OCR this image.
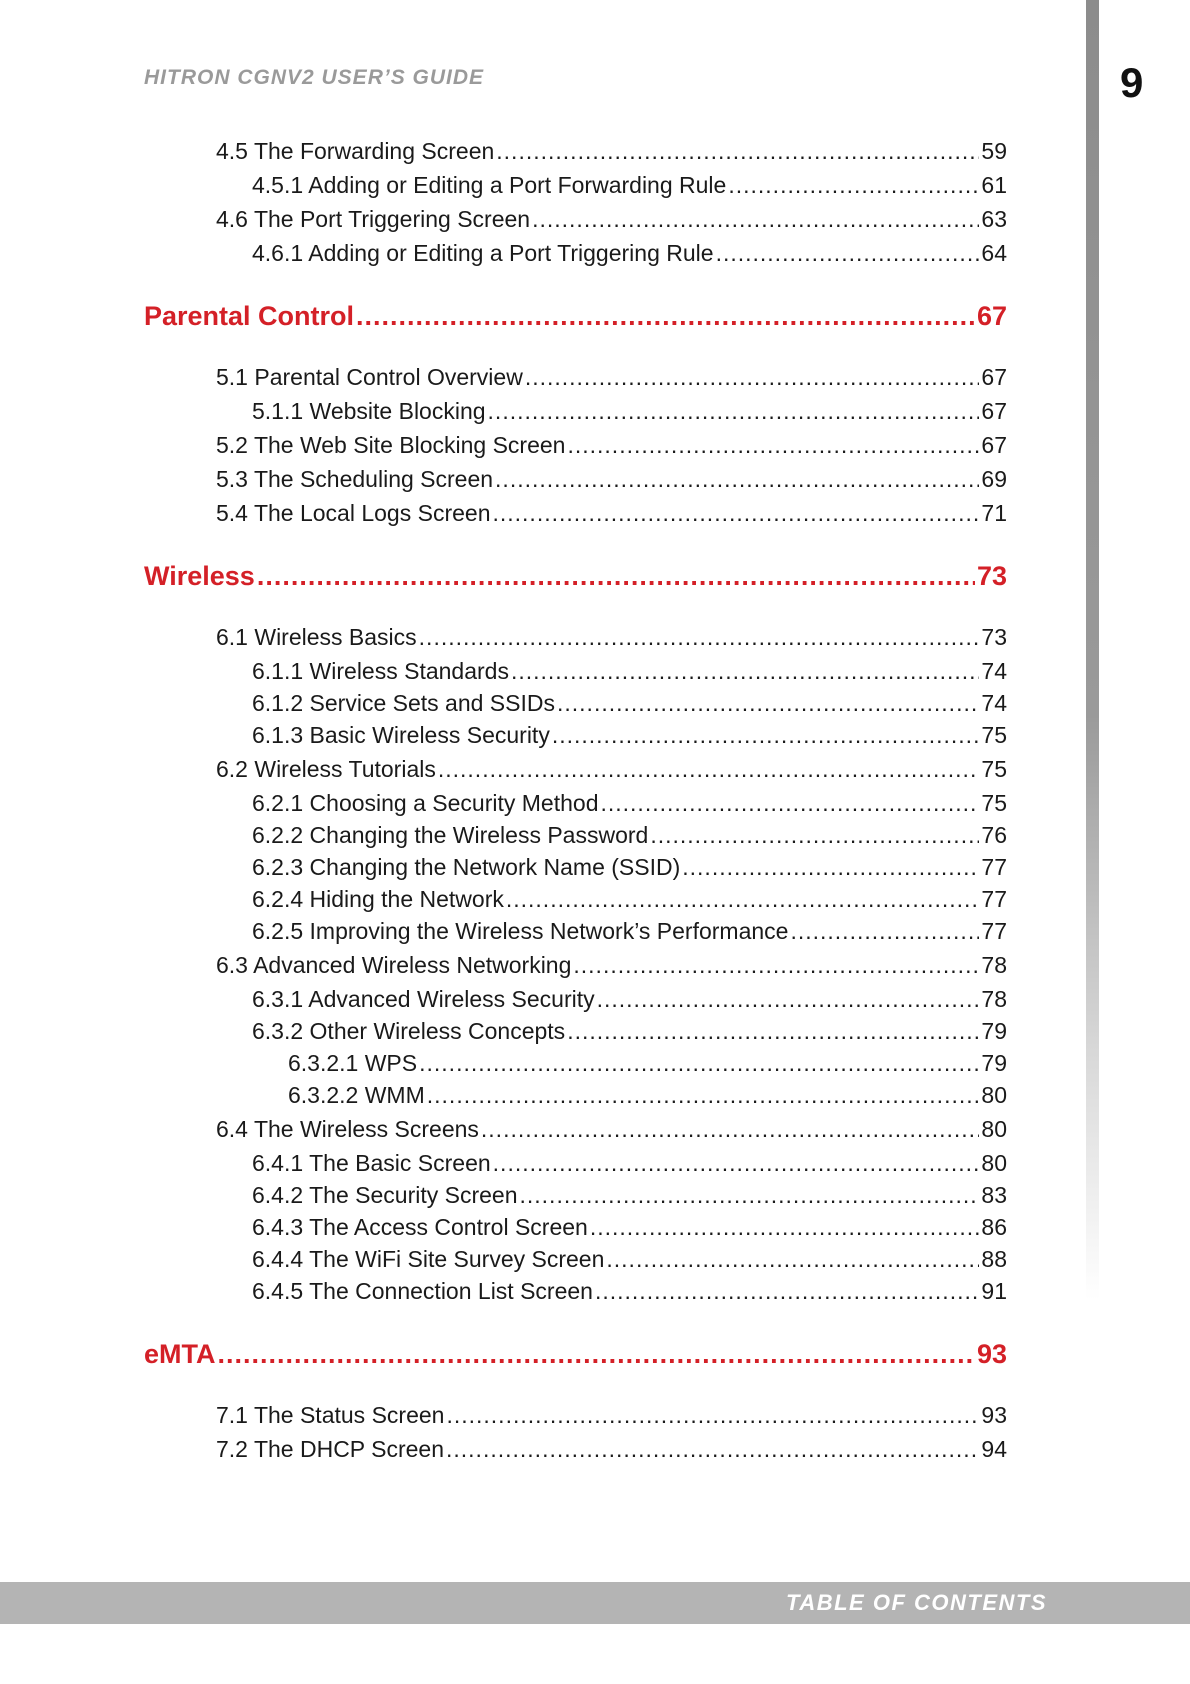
9
HITRON CGNV2 USER’S GUIDE
4.5 The Forwarding Screen .....	59
4.5.1 Adding or Editing a Port Forwarding Rule .....	61
4.6 The Port Triggering Screen .....	63
4.6.1 Adding or Editing a Port Triggering Rule .....	64
Parental Control .....	67
5.1 Parental Control Overview .....	67
5.1.1 Website Blocking .....	67
5.2 The Web Site Blocking Screen .....	67
5.3 The Scheduling Screen .....	69
5.4 The Local Logs Screen .....	71
Wireless .....	73
6.1 Wireless Basics .....	73
6.1.1 Wireless Standards .....	74
6.1.2 Service Sets and SSIDs .....	74
6.1.3 Basic Wireless Security .....	75
6.2 Wireless Tutorials .....	75
6.2.1 Choosing a Security Method .....	75
6.2.2 Changing the Wireless Password .....	76
6.2.3 Changing the Network Name (SSID) .....	77
6.2.4 Hiding the Network .....	77
6.2.5 Improving the Wireless Network’s Performance .....	77
6.3 Advanced Wireless Networking .....	78
6.3.1 Advanced Wireless Security .....	78
6.3.2 Other Wireless Concepts .....	79
6.3.2.1 WPS .....	79
6.3.2.2 WMM .....	80
6.4 The Wireless Screens .....	80
6.4.1 The Basic Screen .....	80
6.4.2 The Security Screen .....	83
6.4.3 The Access Control Screen .....	86
6.4.4 The WiFi Site Survey Screen .....	88
6.4.5 The Connection List Screen .....	91
eMTA .....	93
7.1 The Status Screen .....	93
7.2 The DHCP Screen .....	94
TABLE OF CONTENTS
